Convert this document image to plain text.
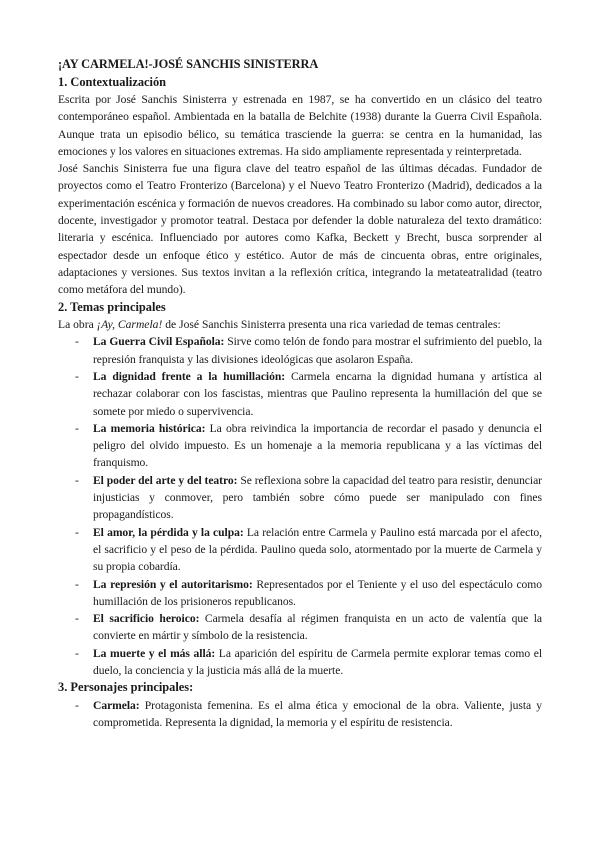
¡AY CARMELA!-JOSÉ SANCHIS SINISTERRA

1. Contextualización

Escrita por José Sanchis Sinisterra y estrenada en 1987, se ha convertido en un clásico del teatro contemporáneo español. Ambientada en la batalla de Belchite (1938) durante la Guerra Civil Española. Aunque trata un episodio bélico, su temática trasciende la guerra: se centra en la humanidad, las emociones y los valores en situaciones extremas. Ha sido ampliamente representada y reinterpretada.

José Sanchis Sinisterra fue una figura clave del teatro español de las últimas décadas. Fundador de proyectos como el Teatro Fronterizo (Barcelona) y el Nuevo Teatro Fronterizo (Madrid), dedicados a la experimentación escénica y formación de nuevos creadores. Ha combinado su labor como autor, director, docente, investigador y promotor teatral. Destaca por defender la doble naturaleza del texto dramático: literaria y escénica. Influenciado por autores como Kafka, Beckett y Brecht, busca sorprender al espectador desde un enfoque ético y estético. Autor de más de cincuenta obras, entre originales, adaptaciones y versiones. Sus textos invitan a la reflexión crítica, integrando la metateatralidad (teatro como metáfora del mundo).

2. Temas principales

La obra ¡Ay, Carmela! de José Sanchis Sinisterra presenta una rica variedad de temas centrales:

- La Guerra Civil Española: Sirve como telón de fondo para mostrar el sufrimiento del pueblo, la represión franquista y las divisiones ideológicas que asolaron España.
- La dignidad frente a la humillación: Carmela encarna la dignidad humana y artística al rechazar colaborar con los fascistas, mientras que Paulino representa la humillación del que se somete por miedo o supervivencia.
- La memoria histórica: La obra reivindica la importancia de recordar el pasado y denuncia el peligro del olvido impuesto. Es un homenaje a la memoria republicana y a las víctimas del franquismo.
- El poder del arte y del teatro: Se reflexiona sobre la capacidad del teatro para resistir, denunciar injusticias y conmover, pero también sobre cómo puede ser manipulado con fines propagandísticos.
- El amor, la pérdida y la culpa: La relación entre Carmela y Paulino está marcada por el afecto, el sacrificio y el peso de la pérdida. Paulino queda solo, atormentado por la muerte de Carmela y su propia cobardía.
- La represión y el autoritarismo: Representados por el Teniente y el uso del espectáculo como humillación de los prisioneros republicanos.
- El sacrificio heroico: Carmela desafía al régimen franquista en un acto de valentía que la convierte en mártir y símbolo de la resistencia.
- La muerte y el más allá: La aparición del espíritu de Carmela permite explorar temas como el duelo, la conciencia y la justicia más allá de la muerte.

3. Personajes principales:

- Carmela: Protagonista femenina. Es el alma ética y emocional de la obra. Valiente, justa y comprometida. Representa la dignidad, la memoria y el espíritu de resistencia.
